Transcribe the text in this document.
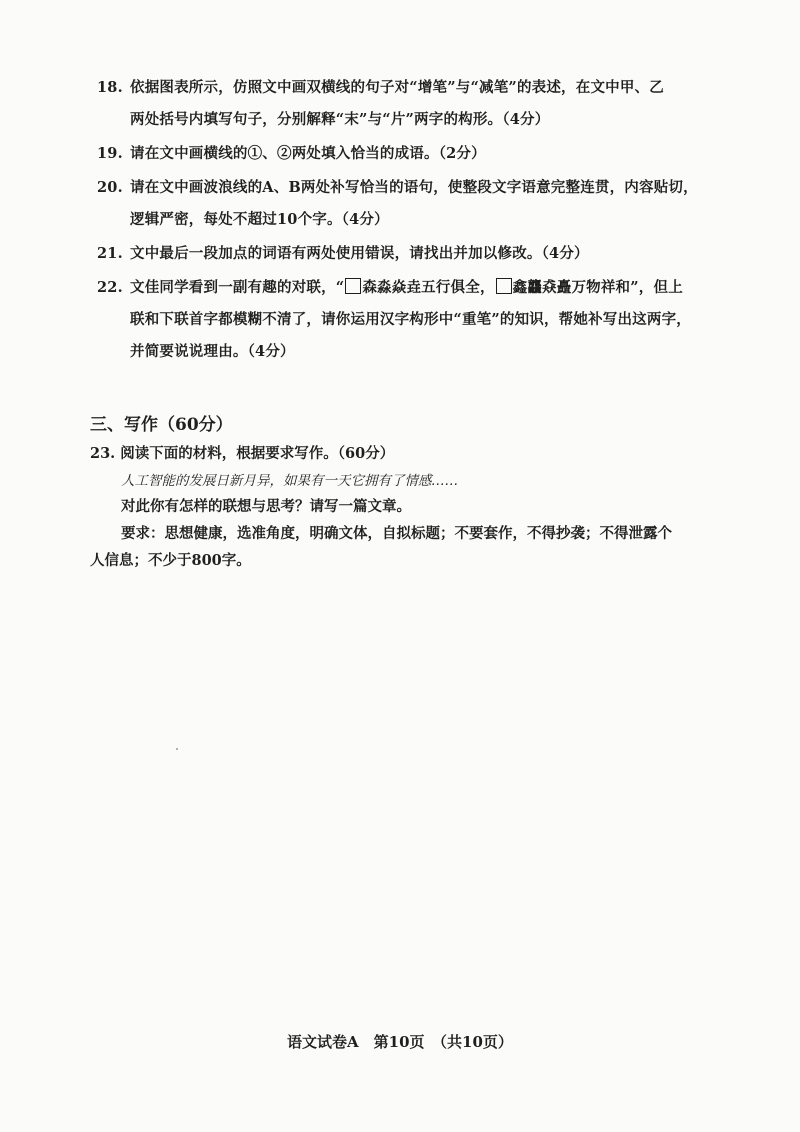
18. 依据图表所示，仿照文中画双横线的句子对“增笔”与“减笔”的表述，在文中甲、乙
两处括号内填写句子，分别解释“末”与“片”两字的构形。（4分）
19. 请在文中画横线的①、②两处填入恰当的成语。（2分）
20. 请在文中画波浪线的A、B两处补写恰当的语句，使整段文字语意完整连贯，内容贴切，
逻辑严密，每处不超过10个字。（4分）
21. 文中最后一段加点的词语有两处使用错误，请找出并加以修改。（4分）
22. 文佳同学看到一副有趣的对联，“ 森淼焱垚五行俱全， 鑫龘猋矗万物祥和”，但上
联和下联首字都模糊不清了，请你运用汉字构形中“重笔”的知识，帮她补写出这两字，
并简要说说理由。（4分）
三、写作（60分）
23. 阅读下面的材料，根据要求写作。（60分）
人工智能的发展日新月异，如果有一天它拥有了情感……
对此你有怎样的联想与思考？请写一篇文章。
要求：思想健康，选准角度，明确文体，自拟标题；不要套作，不得抄袭；不得泄露个
人信息；不少于800字。
语文试卷A　第10页　（共10页）
